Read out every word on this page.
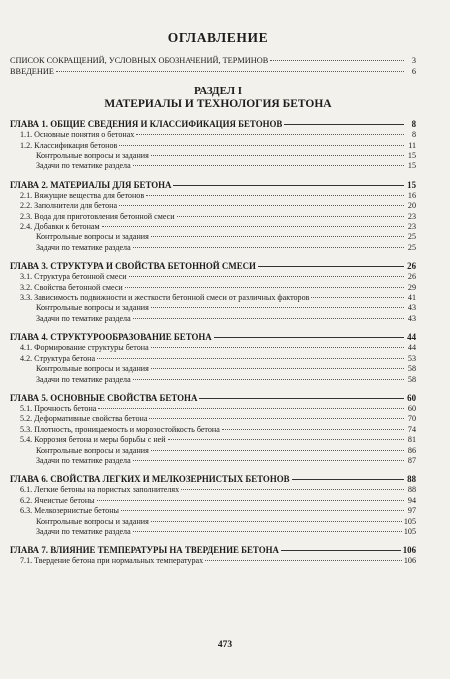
ОГЛАВЛЕНИЕ
СПИСОК СОКРАЩЕНИЙ, УСЛОВНЫХ ОБОЗНАЧЕНИЙ, ТЕРМИНОВ	3
ВВЕДЕНИЕ	6
РАЗДЕЛ I
МАТЕРИАЛЫ И ТЕХНОЛОГИЯ БЕТОНА
ГЛАВА 1. ОБЩИЕ СВЕДЕНИЯ И КЛАССИФИКАЦИЯ БЕТОНОВ	8
1.1. Основные понятия о бетонах	8
1.2. Классификация бетонов	11
Контрольные вопросы и задания	15
Задачи по тематике раздела	15
ГЛАВА 2. МАТЕРИАЛЫ ДЛЯ БЕТОНА	15
2.1. Вяжущие вещества для бетонов	16
2.2. Заполнители для бетона	20
2.3. Вода для приготовления бетонной смеси	23
2.4. Добавки к бетонам	23
Контрольные вопросы и задания	25
Задачи по тематике раздела	25
ГЛАВА 3. СТРУКТУРА И СВОЙСТВА БЕТОННОЙ СМЕСИ	26
3.1. Структура бетонной смеси	26
3.2. Свойства бетонной смеси	29
3.3. Зависимость подвижности и жесткости бетонной смеси от различных факторов	41
Контрольные вопросы и задания	43
Задачи по тематике раздела	43
ГЛАВА 4. СТРУКТУРООБРАЗОВАНИЕ БЕТОНА	44
4.1. Формирование структуры бетона	44
4.2. Структура бетона	53
Контрольные вопросы и задания	58
Задачи по тематике раздела	58
ГЛАВА 5. ОСНОВНЫЕ СВОЙСТВА БЕТОНА	60
5.1. Прочность бетона	60
5.2. Деформативные свойства бетона	70
5.3. Плотность, проницаемость и морозостойкость бетона	74
5.4. Коррозия бетона и меры борьбы с ней	81
Контрольные вопросы и задания	86
Задачи по тематике раздела	87
ГЛАВА 6. СВОЙСТВА ЛЕГКИХ И МЕЛКОЗЕРНИСТЫХ БЕТОНОВ	88
6.1. Легкие бетоны на пористых заполнителях	88
6.2. Ячеистые бетоны	94
6.3. Мелкозернистые бетоны	97
Контрольные вопросы и задания	105
Задачи по тематике раздела	105
ГЛАВА 7. ВЛИЯНИЕ ТЕМПЕРАТУРЫ НА ТВЕРДЕНИЕ БЕТОНА	106
7.1. Твердение бетона при нормальных температурах	106
473
